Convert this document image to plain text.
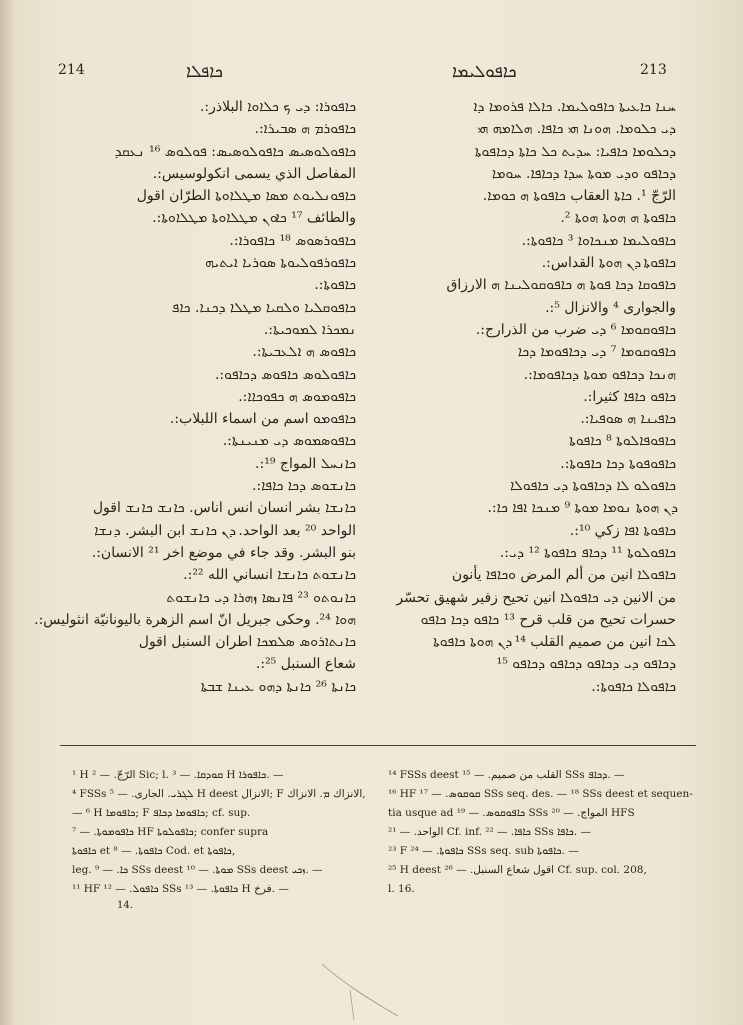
214	ܟܐܦܠܐ	ܟܐܦܘܠܝܡܐ	213
ܟܐܦܘܪܐ: ܕܝ ܟ ܟܠܐܘܐ البلاذر:.
ܟܐܦܘܪܡ ܗ ܣܒܝܪܐ:.
ܟܐܦܘܠܘܣܝܣ ܟܐܦܘܠܘܣܝܣ: ܦܘܠܘܣ ¹⁶ ܢܥܩܕ
المفاصل الذي يسمى انكولوسيس:.
ܟܐܦܘܢܠܝܘܬ ܡܣܐ ܡܛܠܐܘܬܐ الطرّان اقول
والطائف ¹⁷ ܟܐܘܢ ܡܛܠܐܘܬܐ ܡܛܠܐܘܬܐ:.
ܟܐܦܘܪܣܘܣ ¹⁸ ܟܐܦܘܪܐ:.
ܟܐܦܘܪܦܘܠܝܘܬܐ ܣܘܪܝܐ ܐܝܬܝܗ
ܟܐܦܘܬܐ:.
ܟܐܦܘܩܠܝܐ ܘܠܩܝܐ ܡܛܠܐ ܕܟܢܐ. ܟܐܦ
ܢܡܟܪܐ ܠܡܘܟܝܬܐ:.
ܟܐܦܘܣ ܗ ܐܠܥܒܝܬܐ:.
ܟܐܦܘܠܘܣ ܟܐܦܘܣ ܕܟܐܦܘ:.
ܟܐܦܘܡܘܣ ܗ ܟܦܘܟܐܐ:.
ܟܐܦܘܡܘ اسم من اسماء اللبلاب:.
ܟܐܦܘܣܡܘܣ ܕܝ ܡܢܝܢܬܐ:.
ܟܐܢܚܠ المواج ¹⁹:.
ܟܐܢܫܘܣ ܕܟܐ ܟܐܦܐ:.
ܟܐܢܫܐ بشر انسان انس اناس. ܟܐܢܫ ܟܐܢܫ اقول
الواحد ²⁰ بعد الواحد. ܕܢ ܟܐܢܫ ابن البشر. ܕܢܫܐ
بنو البشر. وقد جاء في موضع اخر ²¹ الانسان:.
ܟܐܢܫܘܬ ܟܐܢܫܐ انساني الله ²²:.
ܟܐܢܘܬܘ ²³ ܦܐܢܣܐ ܙܗܪܐ ܕܝ ܟܐܢܫܘܬ
ܗܘܐ ²⁴. وحكى جبريل انّ اسم الزهرة باليونانيّة انثوليس:.
ܟܐܢܬܐܪܘܣ ܣܠܡܟܐ اطران السنبل اقول
شعاع السنبل ²⁵:.
ܟܐܢܬܐ ²⁶ ܟܐܢܬܐ ܕܗܘ ܥܝܢܐ ܫܒܬܐ
ܚܢܐ ܟܐܥܝܬܐ ܟܐܦܘܠܝܡܐ. ܟܐܠܐ ܦܪܘܡܐ ܕܐ
ܕܝ ܟܠܘܡܐ. ܗܘܢܐ ܗܝ ܟܐܦܐ. ܗܠܐܡܗ ܗܝ
ܕܟܠܘܡܐ ܟܐܦܝܐ: ܚܕܝܬ ܟܠ ܟܐܬܐ ܕܟܐܦܘܬܐ
ܕܟܐܦܘ ܘܕܝ ܡܘܬܐ ܚܕܐ ܕܟܐܦܐ. ܚܘܡܐ
الرّجّ ¹. ܟܐܬܐ العقاب ܟܐܦܘܬܐ ܗ ܟܘܡܐ.
ܟܐܦܘܬܐ ܗ ܗܘܬܐ ܗܘܬܐ ².
ܟܐܦܘܠܝܡܐ ܡܢܟܐܘܐ ³ ܟܐܦܘܬܐ:.
ܟܐܦܘܬܐ ܕܢ ܗܘܬܐ القداس:.
ܟܐܦܘܩܐ ܕܟܐ ܦܘܬܐ ܗ ܟܐܦܘܩܘܠܝܢܐ ܗ الارزاق
والجوارى ⁴ والانزال ⁵:.
ܟܐܦܘܩܘܡܐ ⁶ ܕܝ ضرب من الذرارج:.
ܟܐܦܘܩܘܡܐ ⁷ ܕܝ ܕܟܐܦܘܡܐ ܕܟܐ
ܗܢܟܐ ܕܟܐܦܘ ܡܘܬܐ ܕܟܐܦܘܡܐ:.
ܟܐܦܘ ܟܐܦܐ كثيرا:.
ܟܐܦܝܢܐ ܗ ܣܘܦܝܐ:.
ܟܐܦܘܦܐܠܘܬܐ ⁸ ܟܐܦܘܬܐ
ܟܐܦܘܦܘܬܐ ܕܟܐ ܟܐܦܘܬܐ:.
ܟܐܦܘܠܘ ܠܐ ܕܟܐܦܘܬܐ ܕܝ ܟܐܦܘܠܐ
ܕܢ ܗܘܬܐ ܢܘܡܐ ܡܘܬܐ ⁹ ܡܢܟܐ ܐܦܐ ܟܐ:.
ܟܐܦܘܬܐ ܐܦܐ زكي ¹⁰:.
ܟܐܦܘܠܘܬܐ ¹¹ ܕܟܐܦ ܟܐܦܘܬܐ ¹² ܕܝ:.
ܟܐܦܘܠܐ انين من ألم المرض ܘܟܐܦܐ يأنون
من الانين ܕܝ ܟܐܦܘܠܐ انين تحيح زفير شهيق تحسّر
حسرات تحيح من قلب قرح ¹³ ܟܐܦܘ ܕܟܐ ܟܐܦܘ
ܠܟܐ انين من صميم القلب ¹⁴ ܕܢ ܗܘܬܐ ܟܐܦܘܬܐ
ܕܟܐܦܘ ܕܝ ܕܟܐܦܘ ܕܟܐܦܘ ܕܟܐܦܘ ¹⁵
ܟܐܦܘܠܐ ܟܐܦܘܬܐ:.
¹ H الرّجّ. — ² Sic; l. ܩܘܕܩܐ. — ³ H ܟܐܦܘܪܐ. —
⁴ FSSs ܠܓܪܝ. الجارى. — ⁵ H deest الانزال; F الانزاك ܡ. الانزاك,
— ⁶ H ܟܐܦܘܡܐ; F ܟܐܦܘܡܐ ܕܟܐܦ; cf. sup.
ܟܐܦܘܡܘܬܐ. — ⁷ HF ܟܐܦܘܠܘܬܐ; confer supra
ܟܐܦܘܬܐ et ܟܐܦܘܬܐ. — ⁸ Cod. et ܟܐܦܘܬܐ,
leg. ܟܐ. — ⁹ SSs deest ܡܘܬܐ. — ¹⁰ SSs deest ܙܟܝ. —
¹¹ HF ܟܐܦܘܠ. — ¹² SSs ܟܐܦܘܬܐ. — ¹³ H فرخ. —
¹⁴ FSSs deest القلب من صميم. — ¹⁵ SSs ܕܟܐܦ. —
¹⁶ HF ܩܘܩܘܣ. — ¹⁷ SSs seq. des. — ¹⁸ SSs deest et sequen-
tia usque ad ܟܐܦܘܩܘܣ. — ¹⁹ SSs المواج. — ²⁰ HFS
الواحد. — ²¹ Cf. inf. ܟܐܦܐ. — ²² SSs ܟܐܦܐ. —
²³ F ܟܐܦܘܬܐ. — ²⁴ SSs seq. sub ܟܐܦܘܬܐ. —
²⁵ H deest اقول شعاع السنبل. — ²⁶ Cf. sup. col. 208,
l. 16.
14.
